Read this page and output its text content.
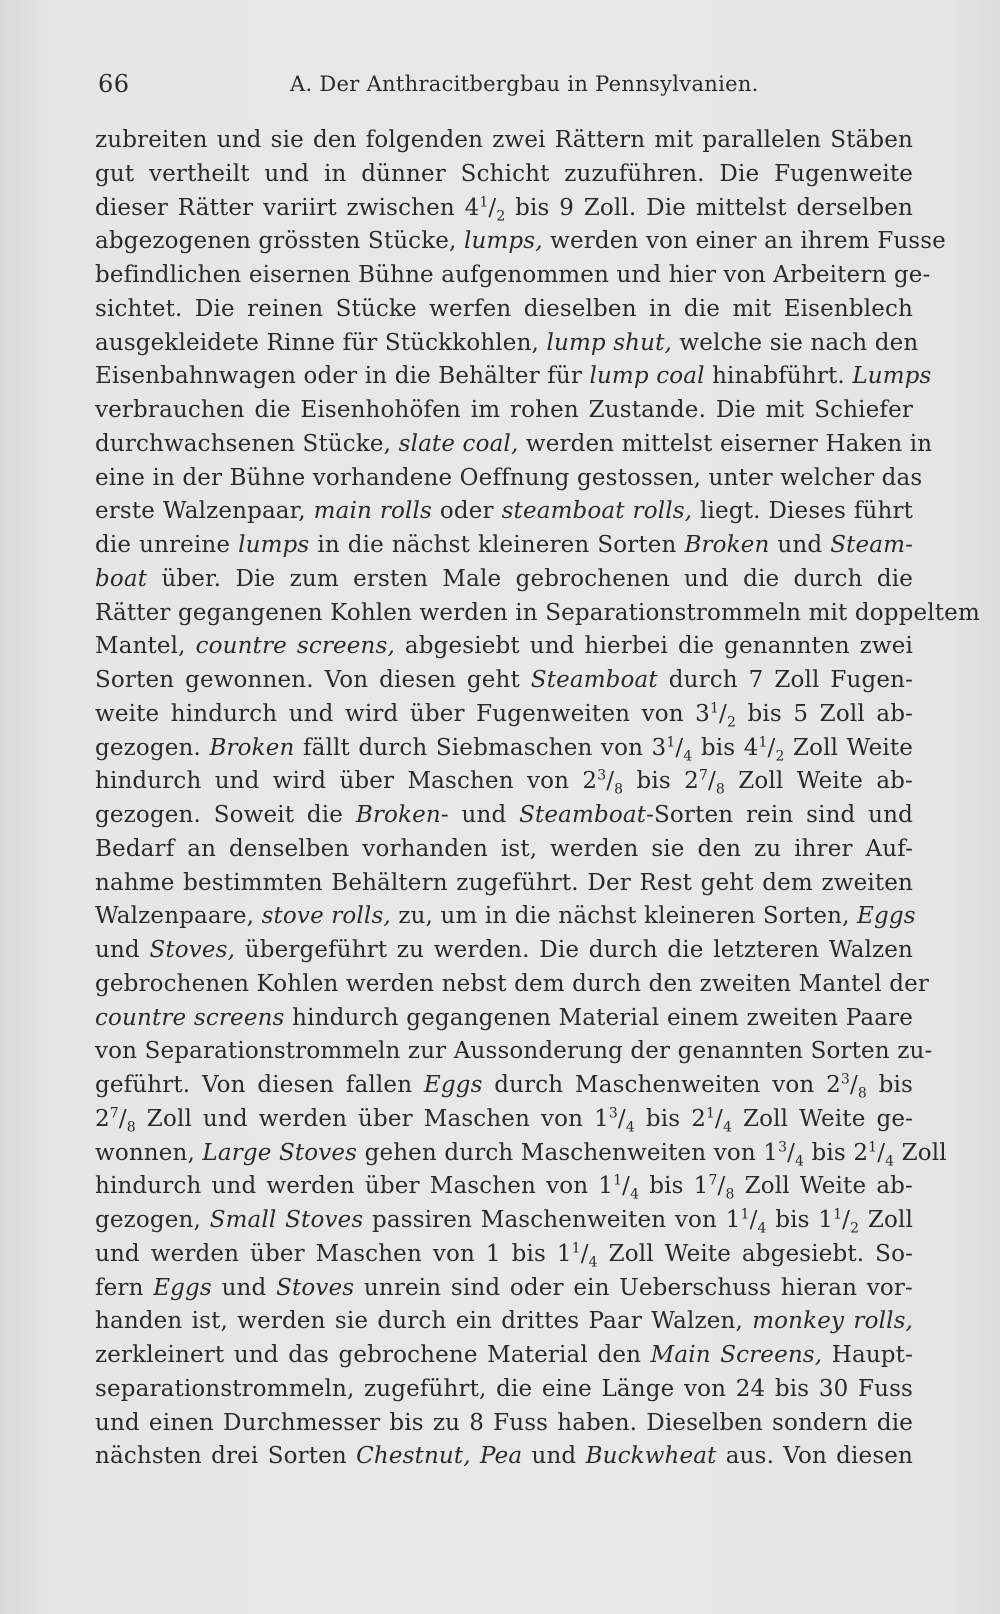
66	A. Der Anthracitbergbau in Pennsylvanien.
zubreiten und sie den folgenden zwei Rättern mit parallelen Stäben
gut vertheilt und in dünner Schicht zuzuführen. Die Fugenweite
dieser Rätter variirt zwischen $4^1/_2$ bis 9 Zoll. Die mittelst derselben
abgezogenen grössten Stücke, lumps, werden von einer an ihrem Fusse
befindlichen eisernen Bühne aufgenommen und hier von Arbeitern ge-
sichtet. Die reinen Stücke werfen dieselben in die mit Eisenblech
ausgekleidete Rinne für Stückkohlen, lump shut, welche sie nach den
Eisenbahnwagen oder in die Behälter für lump coal hinabführt. Lumps
verbrauchen die Eisenhohöfen im rohen Zustande. Die mit Schiefer
durchwachsenen Stücke, slate coal, werden mittelst eiserner Haken in
eine in der Bühne vorhandene Oeffnung gestossen, unter welcher das
erste Walzenpaar, main rolls oder steamboat rolls, liegt. Dieses führt
die unreine lumps in die nächst kleineren Sorten Broken und Steam-
boat über. Die zum ersten Male gebrochenen und die durch die
Rätter gegangenen Kohlen werden in Separationstrommeln mit doppeltem
Mantel, countre screens, abgesiebt und hierbei die genannten zwei
Sorten gewonnen. Von diesen geht Steamboat durch 7 Zoll Fugen-
weite hindurch und wird über Fugenweiten von $3^1/_2$ bis 5 Zoll ab-
gezogen. Broken fällt durch Siebmaschen von $3^1/_4$ bis $4^1/_2$ Zoll Weite
hindurch und wird über Maschen von $2^3/_8$ bis $2^7/_8$ Zoll Weite ab-
gezogen. Soweit die Broken- und Steamboat-Sorten rein sind und
Bedarf an denselben vorhanden ist, werden sie den zu ihrer Auf-
nahme bestimmten Behältern zugeführt. Der Rest geht dem zweiten
Walzenpaare, stove rolls, zu, um in die nächst kleineren Sorten, Eggs
und Stoves, übergeführt zu werden. Die durch die letzteren Walzen
gebrochenen Kohlen werden nebst dem durch den zweiten Mantel der
countre screens hindurch gegangenen Material einem zweiten Paare
von Separationstrommeln zur Aussonderung der genannten Sorten zu-
geführt. Von diesen fallen Eggs durch Maschenweiten von $2^3/_8$ bis
$2^7/_8$ Zoll und werden über Maschen von $1^3/_4$ bis $2^1/_4$ Zoll Weite ge-
wonnen, Large Stoves gehen durch Maschenweiten von $1^3/_4$ bis $2^1/_4$ Zoll
hindurch und werden über Maschen von $1^1/_4$ bis $1^7/_8$ Zoll Weite ab-
gezogen, Small Stoves passiren Maschenweiten von $1^1/_4$ bis $1^1/_2$ Zoll
und werden über Maschen von 1 bis $1^1/_4$ Zoll Weite abgesiebt. So-
fern Eggs und Stoves unrein sind oder ein Ueberschuss hieran vor-
handen ist, werden sie durch ein drittes Paar Walzen, monkey rolls,
zerkleinert und das gebrochene Material den Main Screens, Haupt-
separationstrommeln, zugeführt, die eine Länge von 24 bis 30 Fuss
und einen Durchmesser bis zu 8 Fuss haben. Dieselben sondern die
nächsten drei Sorten Chestnut, Pea und Buckwheat aus. Von diesen
